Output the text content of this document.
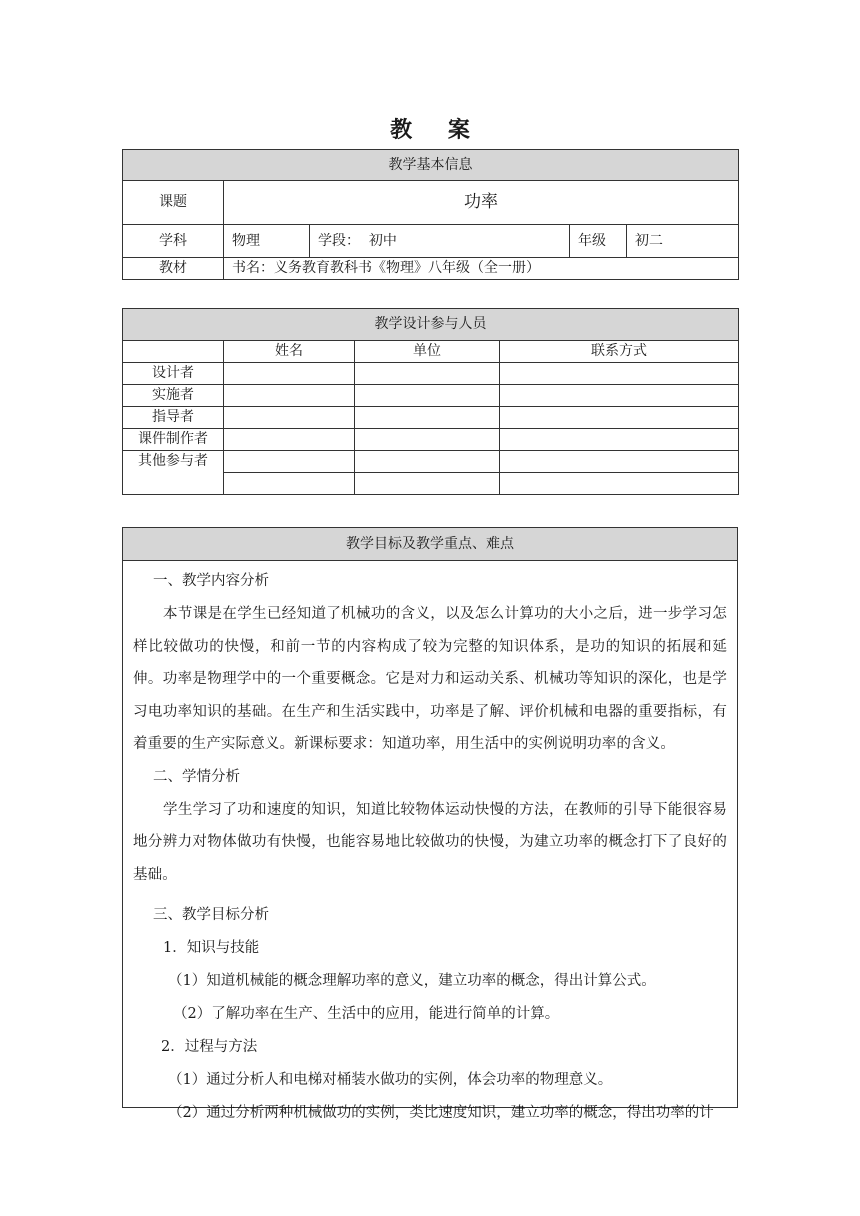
教 案
教学基本信息				
课题	功率			
学科	物理	学段：  初中	年级	初二
教材	书名：义务教育教科书《物理》八年级（全一册）			
教学设计参与人员			
	姓名	单位	联系方式
设计者			
实施者			
指导者			
课件制作者			
其他参与者			

教学目标及教学重点、难点

一、教学内容分析

本节课是在学生已经知道了机械功的含义，以及怎么计算功的大小之后，进一步学习怎样比较做功的快慢，和前一节的内容构成了较为完整的知识体系，是功的知识的拓展和延伸。功率是物理学中的一个重要概念。它是对力和运动关系、机械功等知识的深化，也是学习电功率知识的基础。在生产和生活实践中，功率是了解、评价机械和电器的重要指标，有着重要的生产实际意义。新课标要求：知道功率，用生活中的实例说明功率的含义。

二、学情分析

学生学习了功和速度的知识，知道比较物体运动快慢的方法，在教师的引导下能很容易地分辨力对物体做功有快慢，也能容易地比较做功的快慢，为建立功率的概念打下了良好的基础。

三、教学目标分析

1．知识与技能

（1）知道机械能的概念理解功率的意义，建立功率的概念，得出计算公式。

（2）了解功率在生产、生活中的应用，能进行简单的计算。

2．过程与方法

（1）通过分析人和电梯对桶装水做功的实例，体会功率的物理意义。

（2）通过分析两种机械做功的实例，类比速度知识，建立功率的概念，得出功率的计
